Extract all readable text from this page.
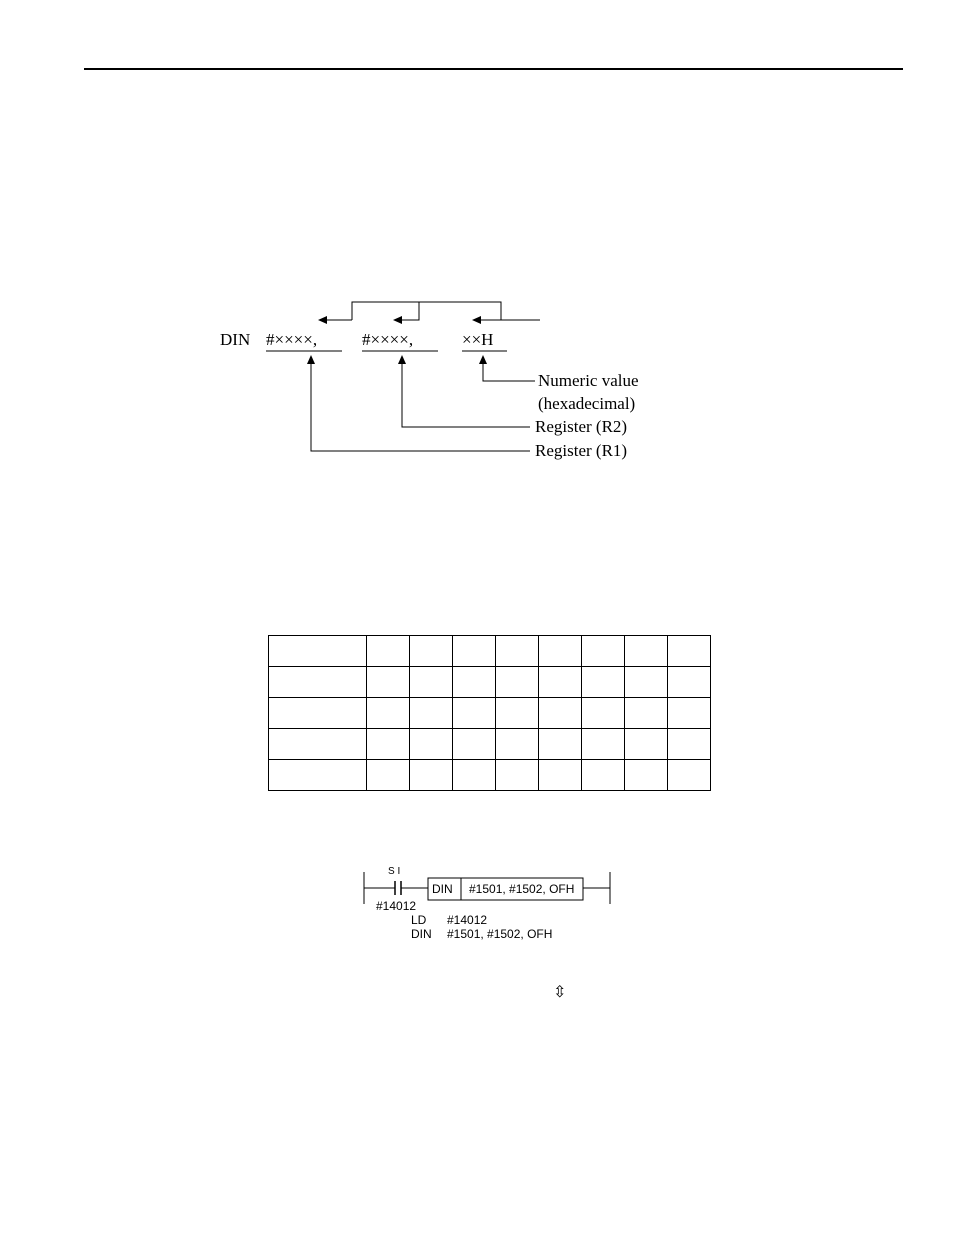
DIN #××××,	#××××,	××H
Numeric value
(hexadecimal)
Register (R2)
Register (R1)

S I
#14012
DIN #1501, #1502, OFH
LD #14012
DIN #1501, #1502, OFH
⇳
